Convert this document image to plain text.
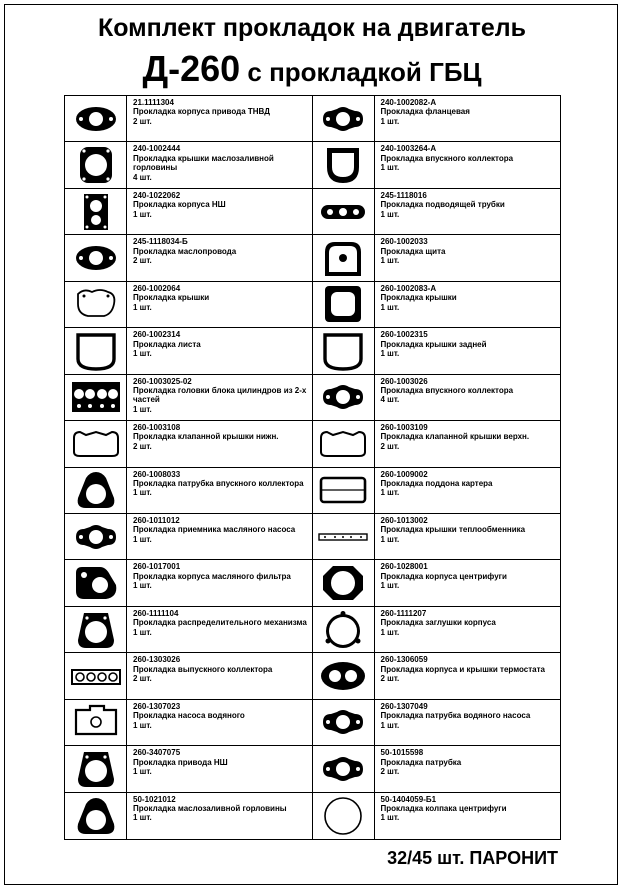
Комплект прокладок на двигатель
Д-260 с прокладкой ГБЦ
21.1111304
Прокладка корпуса привода ТНВД
2 шт.
240-1002082-А
Прокладка фланцевая
1 шт.
240-1002444
Прокладка крышки маслозаливной горловины
4 шт.
240-1003264-А
Прокладка впускного коллектора
1 шт.
240-1022062
Прокладка корпуса НШ
1 шт.
245-1118016
Прокладка подводящей трубки
1 шт.
245-1118034-Б
Прокладка маслопровода
2 шт.
260-1002033
Прокладка щита
1 шт.
260-1002064
Прокладка крышки
1 шт.
260-1002083-А
Прокладка крышки
1 шт.
260-1002314
Прокладка листа
1 шт.
260-1002315
Прокладка крышки задней
1 шт.
260-1003025-02
Прокладка головки блока цилиндров из 2-х частей
1 шт.
260-1003026
Прокладка впускного коллектора
4 шт.
260-1003108
Прокладка клапанной крышки нижн.
2 шт.
260-1003109
Прокладка клапанной крышки верхн.
2 шт.
260-1008033
Прокладка патрубка впускного коллектора
1 шт.
260-1009002
Прокладка поддона картера
1 шт.
260-1011012
Прокладка приемника масляного насоса
1 шт.
260-1013002
Прокладка крышки теплообменника
1 шт.
260-1017001
Прокладка корпуса масляного фильтра
1 шт.
260-1028001
Прокладка корпуса центрифуги
1 шт.
260-1111104
Прокладка распределительного механизма
1 шт.
260-1111207
Прокладка заглушки корпуса
1 шт.
260-1303026
Прокладка выпускного коллектора
2 шт.
260-1306059
Прокладка корпуса и крышки термостата
2 шт.
260-1307023
Прокладка насоса водяного
1 шт.
260-1307049
Прокладка патрубка водяного насоса
1 шт.
260-3407075
Прокладка привода НШ
1 шт.
50-1015598
Прокладка патрубка
2 шт.
50-1021012
Прокладка маслозаливной горловины
1 шт.
50-1404059-Б1
Прокладка колпака центрифуги
1 шт.
32/45 шт. ПАРОНИТ
